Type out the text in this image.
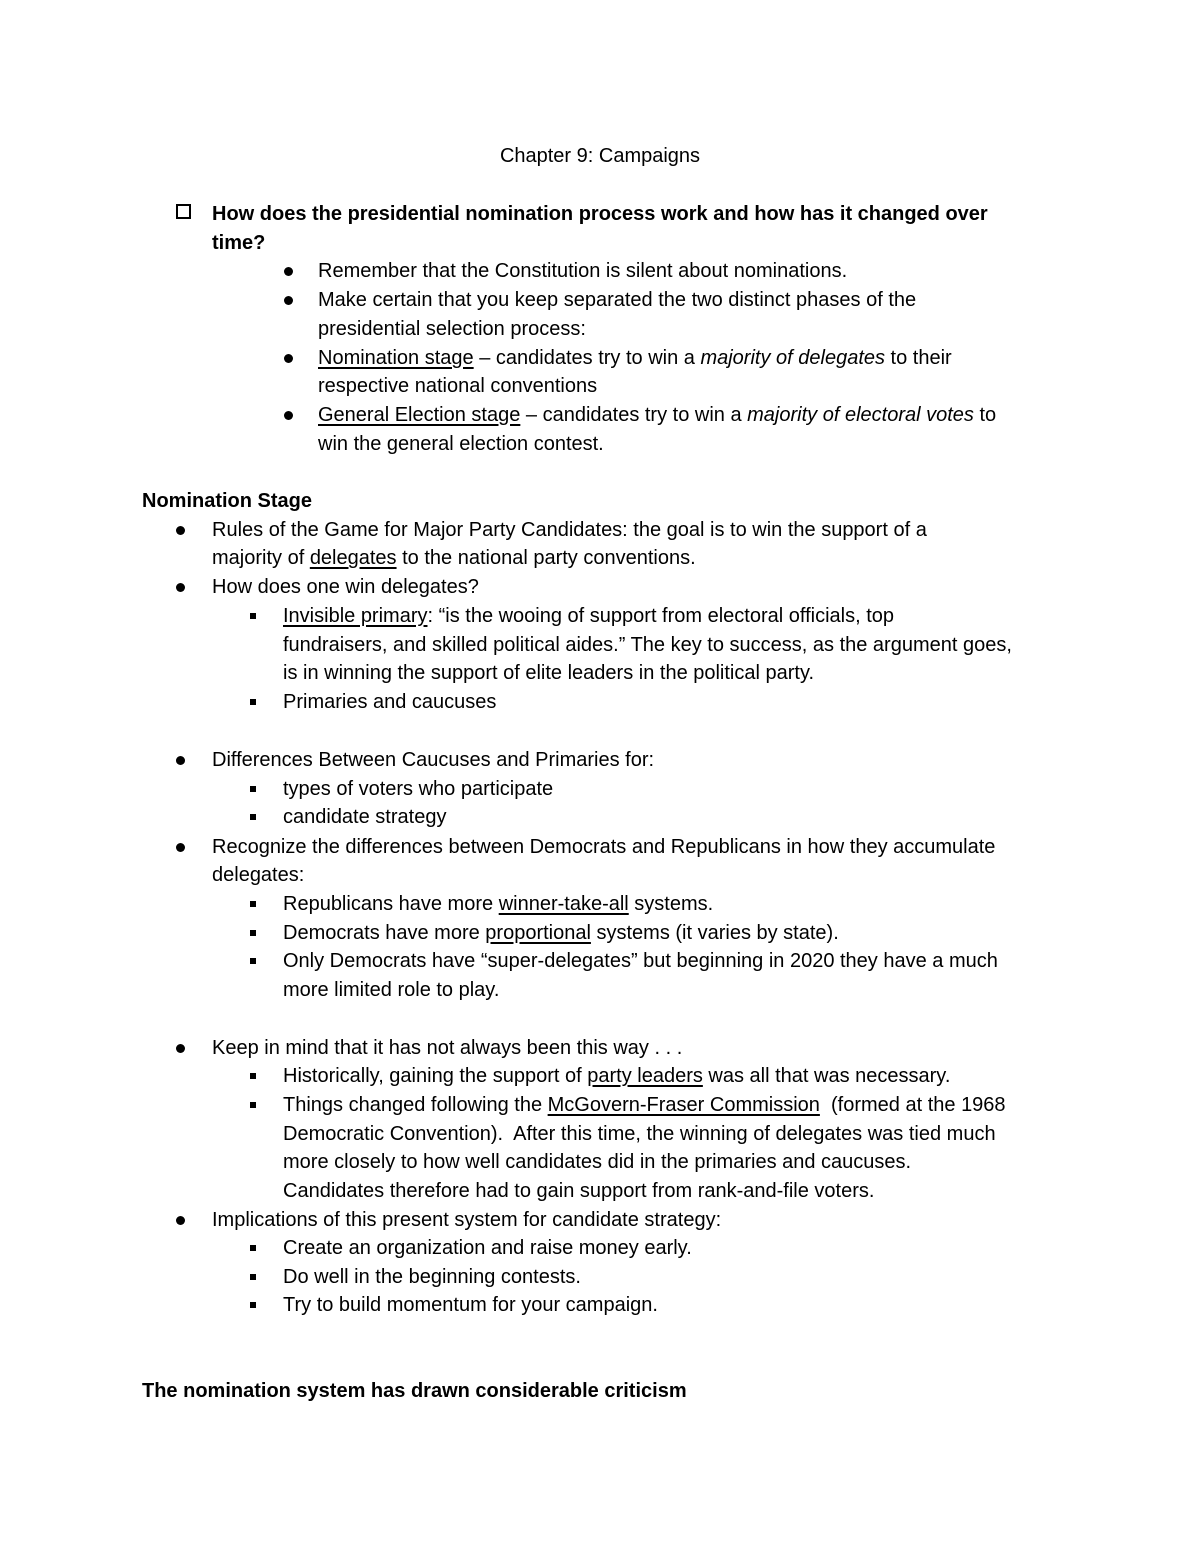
Chapter 9: Campaigns
How does the presidential nomination process work and how has it changed over
time?
Remember that the Constitution is silent about nominations.
Make certain that you keep separated the two distinct phases of the
presidential selection process:
Nomination stage – candidates try to win a majority of delegates to their
respective national conventions
General Election stage – candidates try to win a majority of electoral votes to
win the general election contest.
Nomination Stage
Rules of the Game for Major Party Candidates: the goal is to win the support of a
majority of delegates to the national party conventions.
How does one win delegates?
Invisible primary: “is the wooing of support from electoral officials, top
fundraisers, and skilled political aides.” The key to success, as the argument goes,
is in winning the support of elite leaders in the political party.
Primaries and caucuses
Differences Between Caucuses and Primaries for:
types of voters who participate
candidate strategy
Recognize the differences between Democrats and Republicans in how they accumulate
delegates:
Republicans have more winner-take-all systems.
Democrats have more proportional systems (it varies by state).
Only Democrats have “super-delegates” but beginning in 2020 they have a much
more limited role to play.
Keep in mind that it has not always been this way . . .
Historically, gaining the support of party leaders was all that was necessary.
Things changed following the McGovern-Fraser Commission  (formed at the 1968
Democratic Convention).  After this time, the winning of delegates was tied much
more closely to how well candidates did in the primaries and caucuses.
Candidates therefore had to gain support from rank-and-file voters.
Implications of this present system for candidate strategy:
Create an organization and raise money early.
Do well in the beginning contests.
Try to build momentum for your campaign.
The nomination system has drawn considerable criticism
